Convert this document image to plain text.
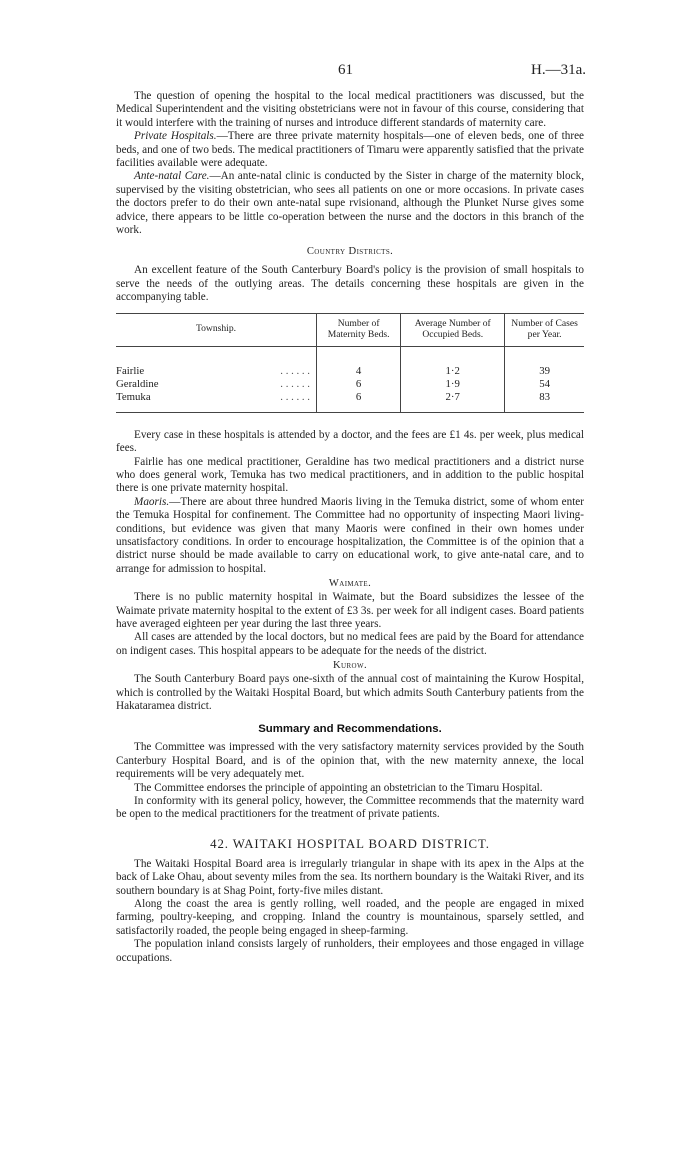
61	H.—31a.

The question of opening the hospital to the local medical practitioners was discussed, but the Medical Superintendent and the visiting obstetricians were not in favour of this course, considering that it would interfere with the training of nurses and introduce different standards of maternity care.

Private Hospitals.—There are three private maternity hospitals—one of eleven beds, one of three beds, and one of two beds. The medical practitioners of Timaru were apparently satisfied that the private facilities available were adequate.

Ante-natal Care.—An ante-natal clinic is conducted by the Sister in charge of the maternity block, supervised by the visiting obstetrician, who sees all patients on one or more occasions. In private cases the doctors prefer to do their own ante-natal supe rvisionand, although the Plunket Nurse gives some advice, there appears to be little co-operation between the nurse and the doctors in this branch of the work.

Country Districts.

An excellent feature of the South Canterbury Board's policy is the provision of small hospitals to serve the needs of the outlying areas. The details concerning these hospitals are given in the accompanying table.

Township.	Number of Maternity Beds.	Average Number of Occupied Beds.	Number of Cases per Year.
Fairlie . . . . . .	4	1·2	39
Geraldine . . . . . .	6	1·9	54
Temuka . . . . . .	6	2·7	83

Every case in these hospitals is attended by a doctor, and the fees are £1 4s. per week, plus medical fees.

Fairlie has one medical practitioner, Geraldine has two medical practitioners and a district nurse who does general work, Temuka has two medical practitioners, and in addition to the public hospital there is one private maternity hospital.

Maoris.—There are about three hundred Maoris living in the Temuka district, some of whom enter the Temuka Hospital for confinement. The Committee had no opportunity of inspecting Maori living-conditions, but evidence was given that many Maoris were confined in their own homes under unsatisfactory conditions. In order to encourage hospitalization, the Committee is of the opinion that a district nurse should be made available to carry on educational work, to give ante-natal care, and to arrange for admission to hospital.

Waimate.

There is no public maternity hospital in Waimate, but the Board subsidizes the lessee of the Waimate private maternity hospital to the extent of £3 3s. per week for all indigent cases. Board patients have averaged eighteen per year during the last three years.

All cases are attended by the local doctors, but no medical fees are paid by the Board for attendance on indigent cases. This hospital appears to be adequate for the needs of the district.

Kurow.

The South Canterbury Board pays one-sixth of the annual cost of maintaining the Kurow Hospital, which is controlled by the Waitaki Hospital Board, but which admits South Canterbury patients from the Hakataramea district.

Summary and Recommendations.

The Committee was impressed with the very satisfactory maternity services provided by the South Canterbury Hospital Board, and is of the opinion that, with the new maternity annexe, the local requirements will be very adequately met.

The Committee endorses the principle of appointing an obstetrician to the Timaru Hospital.

In conformity with its general policy, however, the Committee recommends that the maternity ward be open to the medical practitioners for the treatment of private patients.

42. WAITAKI HOSPITAL BOARD DISTRICT.

The Waitaki Hospital Board area is irregularly triangular in shape with its apex in the Alps at the back of Lake Ohau, about seventy miles from the sea. Its northern boundary is the Waitaki River, and its southern boundary is at Shag Point, forty-five miles distant.

Along the coast the area is gently rolling, well roaded, and the people are engaged in mixed farming, poultry-keeping, and cropping. Inland the country is mountainous, sparsely settled, and satisfactorily roaded, the people being engaged in sheep-farming.

The population inland consists largely of runholders, their employees and those engaged in village occupations.
